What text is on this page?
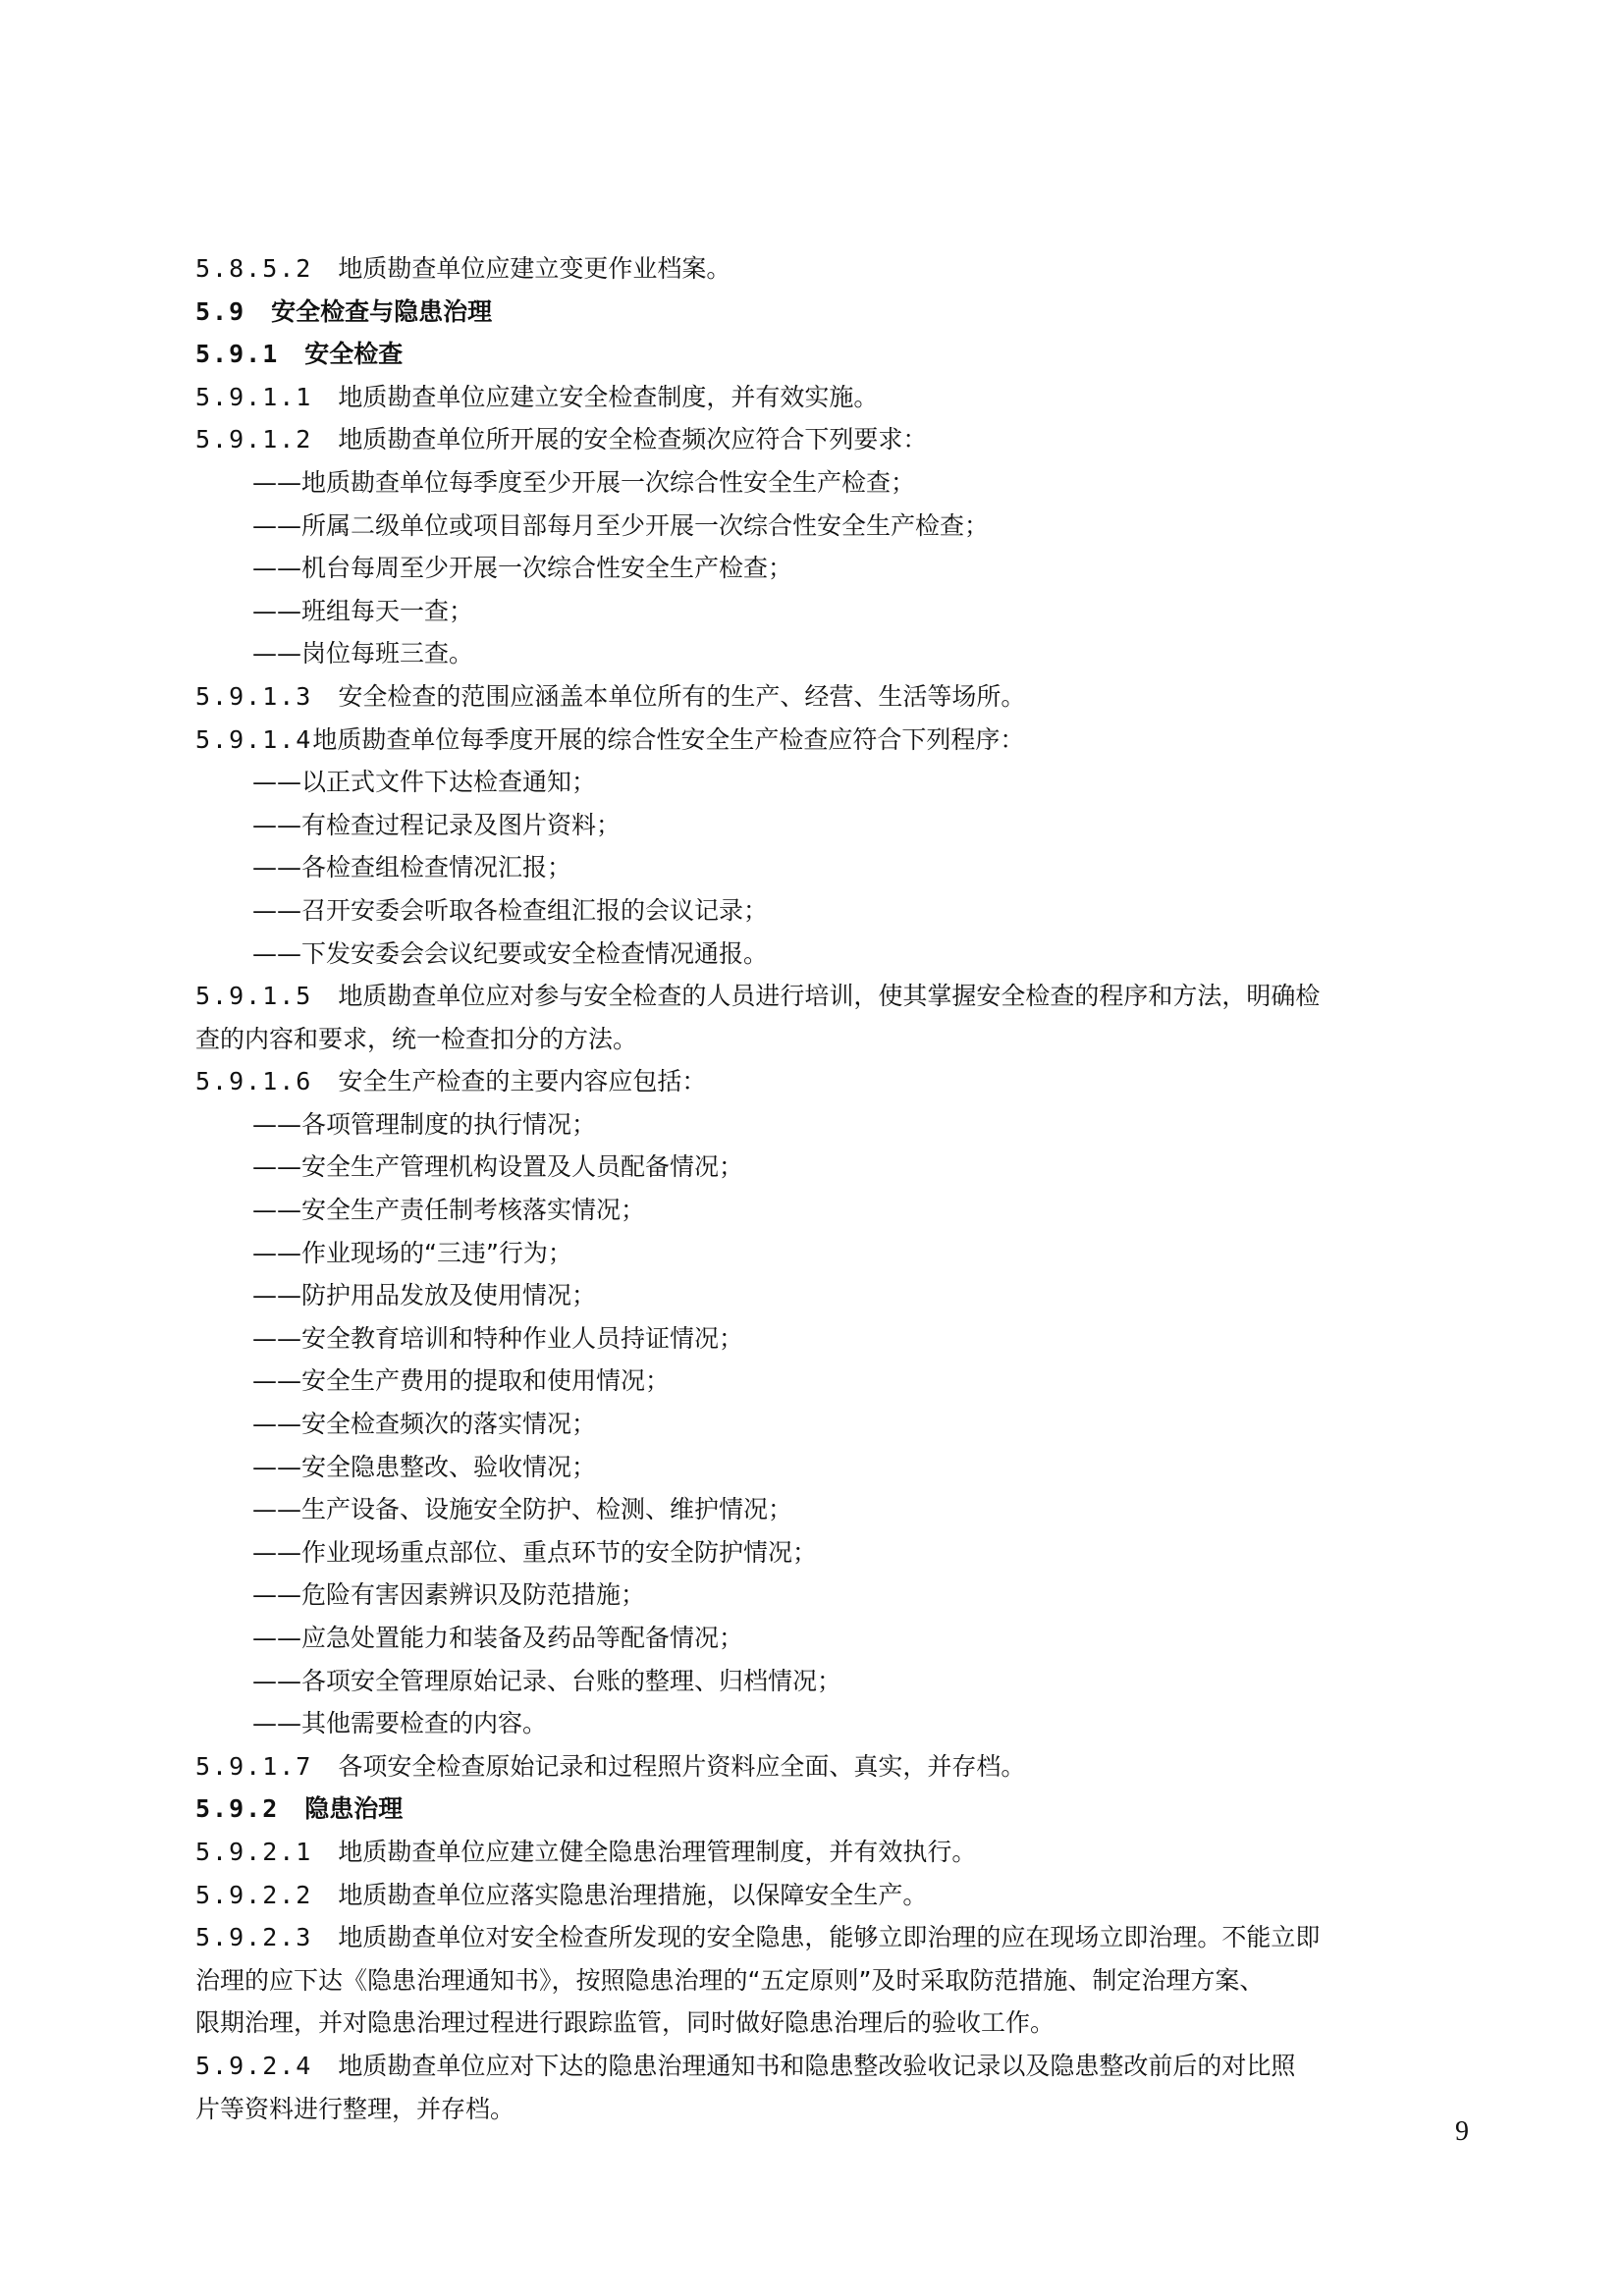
5.8.5.2 地质勘查单位应建立变更作业档案。
5.9 安全检查与隐患治理
5.9.1 安全检查
5.9.1.1 地质勘查单位应建立安全检查制度，并有效实施。
5.9.1.2 地质勘查单位所开展的安全检查频次应符合下列要求：
——地质勘查单位每季度至少开展一次综合性安全生产检查；
——所属二级单位或项目部每月至少开展一次综合性安全生产检查；
——机台每周至少开展一次综合性安全生产检查；
——班组每天一查；
——岗位每班三查。
5.9.1.3 安全检查的范围应涵盖本单位所有的生产、经营、生活等场所。
5.9.1.4地质勘查单位每季度开展的综合性安全生产检查应符合下列程序：
——以正式文件下达检查通知；
——有检查过程记录及图片资料；
——各检查组检查情况汇报；
——召开安委会听取各检查组汇报的会议记录；
——下发安委会会议纪要或安全检查情况通报。
5.9.1.5 地质勘查单位应对参与安全检查的人员进行培训，使其掌握安全检查的程序和方法，明确检
查的内容和要求，统一检查扣分的方法。
5.9.1.6 安全生产检查的主要内容应包括：
——各项管理制度的执行情况；
——安全生产管理机构设置及人员配备情况；
——安全生产责任制考核落实情况；
——作业现场的“三违”行为；
——防护用品发放及使用情况；
——安全教育培训和特种作业人员持证情况；
——安全生产费用的提取和使用情况；
——安全检查频次的落实情况；
——安全隐患整改、验收情况；
——生产设备、设施安全防护、检测、维护情况；
——作业现场重点部位、重点环节的安全防护情况；
——危险有害因素辨识及防范措施；
——应急处置能力和装备及药品等配备情况；
——各项安全管理原始记录、台账的整理、归档情况；
——其他需要检查的内容。
5.9.1.7 各项安全检查原始记录和过程照片资料应全面、真实，并存档。
5.9.2 隐患治理
5.9.2.1 地质勘查单位应建立健全隐患治理管理制度，并有效执行。
5.9.2.2 地质勘查单位应落实隐患治理措施，以保障安全生产。
5.9.2.3 地质勘查单位对安全检查所发现的安全隐患，能够立即治理的应在现场立即治理。不能立即
治理的应下达《隐患治理通知书》，按照隐患治理的“五定原则”及时采取防范措施、制定治理方案、
限期治理，并对隐患治理过程进行跟踪监管，同时做好隐患治理后的验收工作。
5.9.2.4 地质勘查单位应对下达的隐患治理通知书和隐患整改验收记录以及隐患整改前后的对比照
片等资料进行整理，并存档。
9
